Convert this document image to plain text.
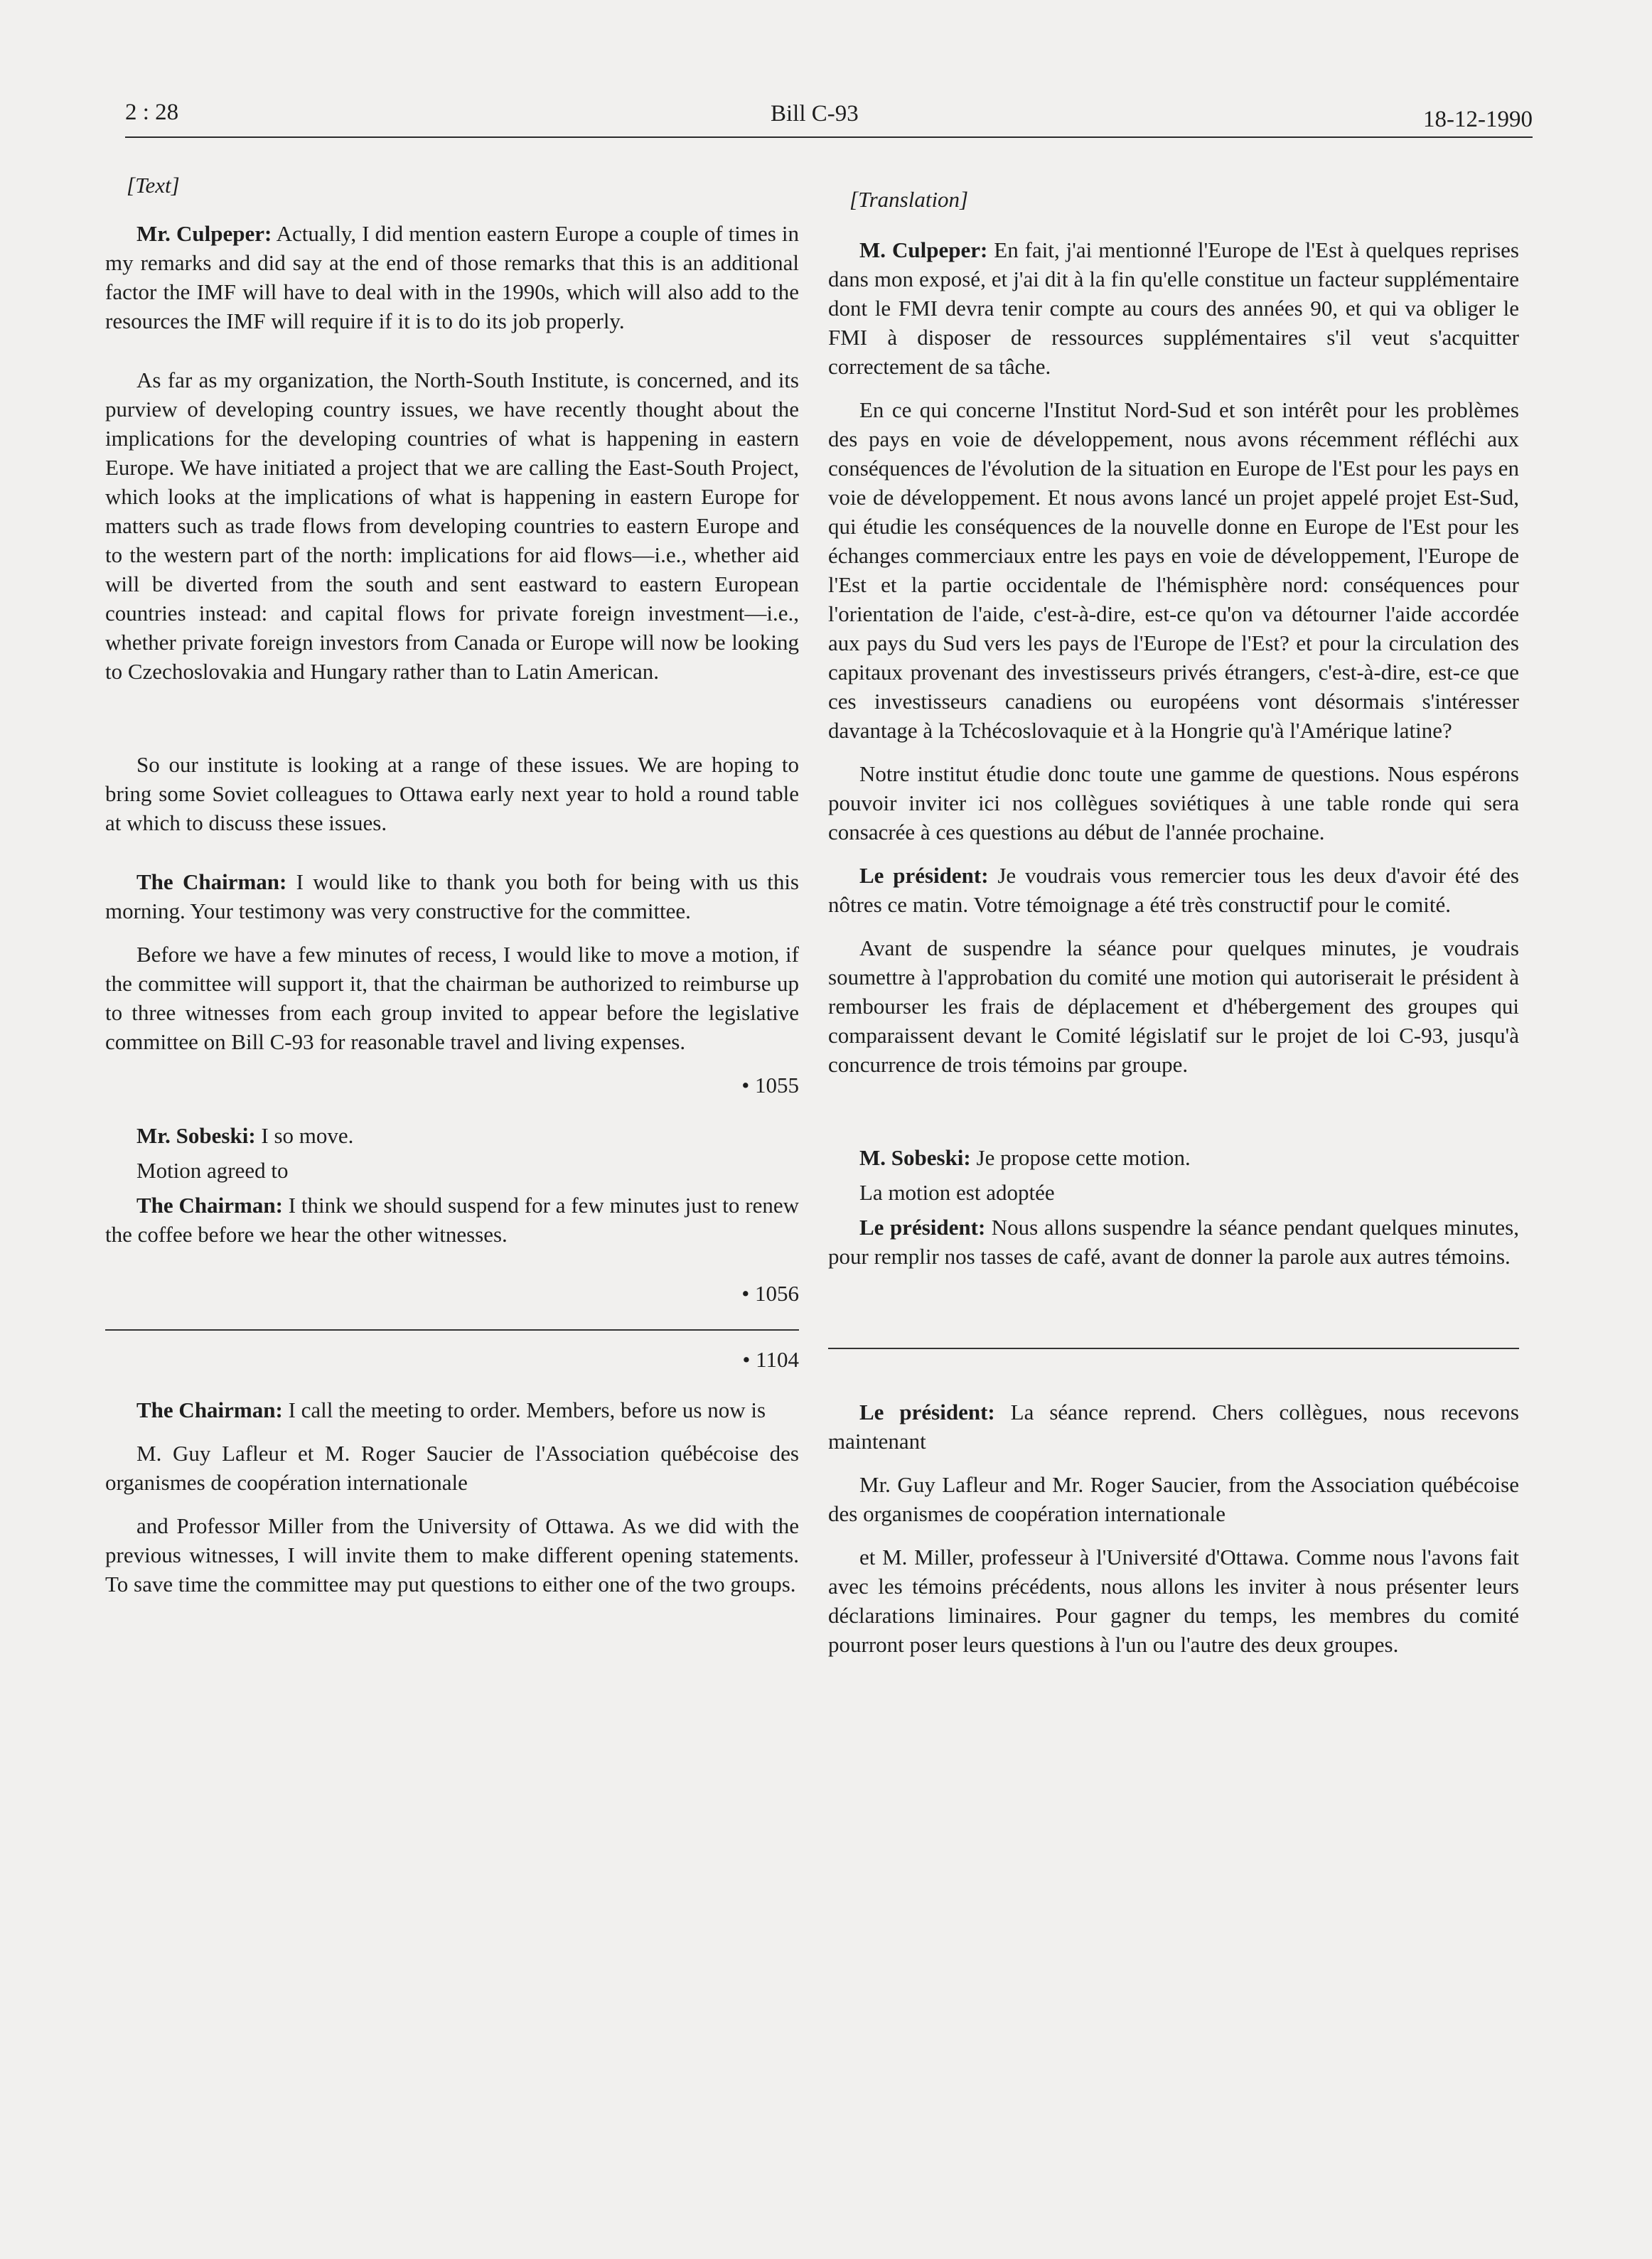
2 : 28	Bill C-93	18-12-1990
[Text]

Mr. Culpeper: Actually, I did mention eastern Europe a couple of times in my remarks and did say at the end of those remarks that this is an additional factor the IMF will have to deal with in the 1990s, which will also add to the resources the IMF will require if it is to do its job properly.

As far as my organization, the North-South Institute, is concerned, and its purview of developing country issues, we have recently thought about the implications for the developing countries of what is happening in eastern Europe. We have initiated a project that we are calling the East-South Project, which looks at the implications of what is happening in eastern Europe for matters such as trade flows from developing countries to eastern Europe and to the western part of the north: implications for aid flows—i.e., whether aid will be diverted from the south and sent eastward to eastern European countries instead: and capital flows for private foreign investment—i.e., whether private foreign investors from Canada or Europe will now be looking to Czechoslovakia and Hungary rather than to Latin American.

So our institute is looking at a range of these issues. We are hoping to bring some Soviet colleagues to Ottawa early next year to hold a round table at which to discuss these issues.

The Chairman: I would like to thank you both for being with us this morning. Your testimony was very constructive for the committee.

Before we have a few minutes of recess, I would like to move a motion, if the committee will support it, that the chairman be authorized to reimburse up to three witnesses from each group invited to appear before the legislative committee on Bill C-93 for reasonable travel and living expenses.

• 1055

Mr. Sobeski: I so move.

Motion agreed to

The Chairman: I think we should suspend for a few minutes just to renew the coffee before we hear the other witnesses.

• 1056
• 1104

The Chairman: I call the meeting to order. Members, before us now is

M. Guy Lafleur et M. Roger Saucier de l'Association québécoise des organismes de coopération internationale

and Professor Miller from the University of Ottawa. As we did with the previous witnesses, I will invite them to make different opening statements. To save time the committee may put questions to either one of the two groups.

[Translation]

M. Culpeper: En fait, j'ai mentionné l'Europe de l'Est à quelques reprises dans mon exposé, et j'ai dit à la fin qu'elle constitue un facteur supplémentaire dont le FMI devra tenir compte au cours des années 90, et qui va obliger le FMI à disposer de ressources supplémentaires s'il veut s'acquitter correctement de sa tâche.

En ce qui concerne l'Institut Nord-Sud et son intérêt pour les problèmes des pays en voie de développement, nous avons récemment réfléchi aux conséquences de l'évolution de la situation en Europe de l'Est pour les pays en voie de développement. Et nous avons lancé un projet appelé projet Est-Sud, qui étudie les conséquences de la nouvelle donne en Europe de l'Est pour les échanges commerciaux entre les pays en voie de développement, l'Europe de l'Est et la partie occidentale de l'hémisphère nord: conséquences pour l'orientation de l'aide, c'est-à-dire, est-ce qu'on va détourner l'aide accordée aux pays du Sud vers les pays de l'Europe de l'Est? et pour la circulation des capitaux provenant des investisseurs privés étrangers, c'est-à-dire, est-ce que ces investisseurs canadiens ou européens vont désormais s'intéresser davantage à la Tchécoslovaquie et à la Hongrie qu'à l'Amérique latine?

Notre institut étudie donc toute une gamme de questions. Nous espérons pouvoir inviter ici nos collègues soviétiques à une table ronde qui sera consacrée à ces questions au début de l'année prochaine.

Le président: Je voudrais vous remercier tous les deux d'avoir été des nôtres ce matin. Votre témoignage a été très constructif pour le comité.

Avant de suspendre la séance pour quelques minutes, je voudrais soumettre à l'approbation du comité une motion qui autoriserait le président à rembourser les frais de déplacement et d'hébergement des groupes qui comparaissent devant le Comité législatif sur le projet de loi C-93, jusqu'à concurrence de trois témoins par groupe.

M. Sobeski: Je propose cette motion.

La motion est adoptée

Le président: Nous allons suspendre la séance pendant quelques minutes, pour remplir nos tasses de café, avant de donner la parole aux autres témoins.

Le président: La séance reprend. Chers collègues, nous recevons maintenant

Mr. Guy Lafleur and Mr. Roger Saucier, from the Association québécoise des organismes de coopération internationale

et M. Miller, professeur à l'Université d'Ottawa. Comme nous l'avons fait avec les témoins précédents, nous allons les inviter à nous présenter leurs déclarations liminaires. Pour gagner du temps, les membres du comité pourront poser leurs questions à l'un ou l'autre des deux groupes.
